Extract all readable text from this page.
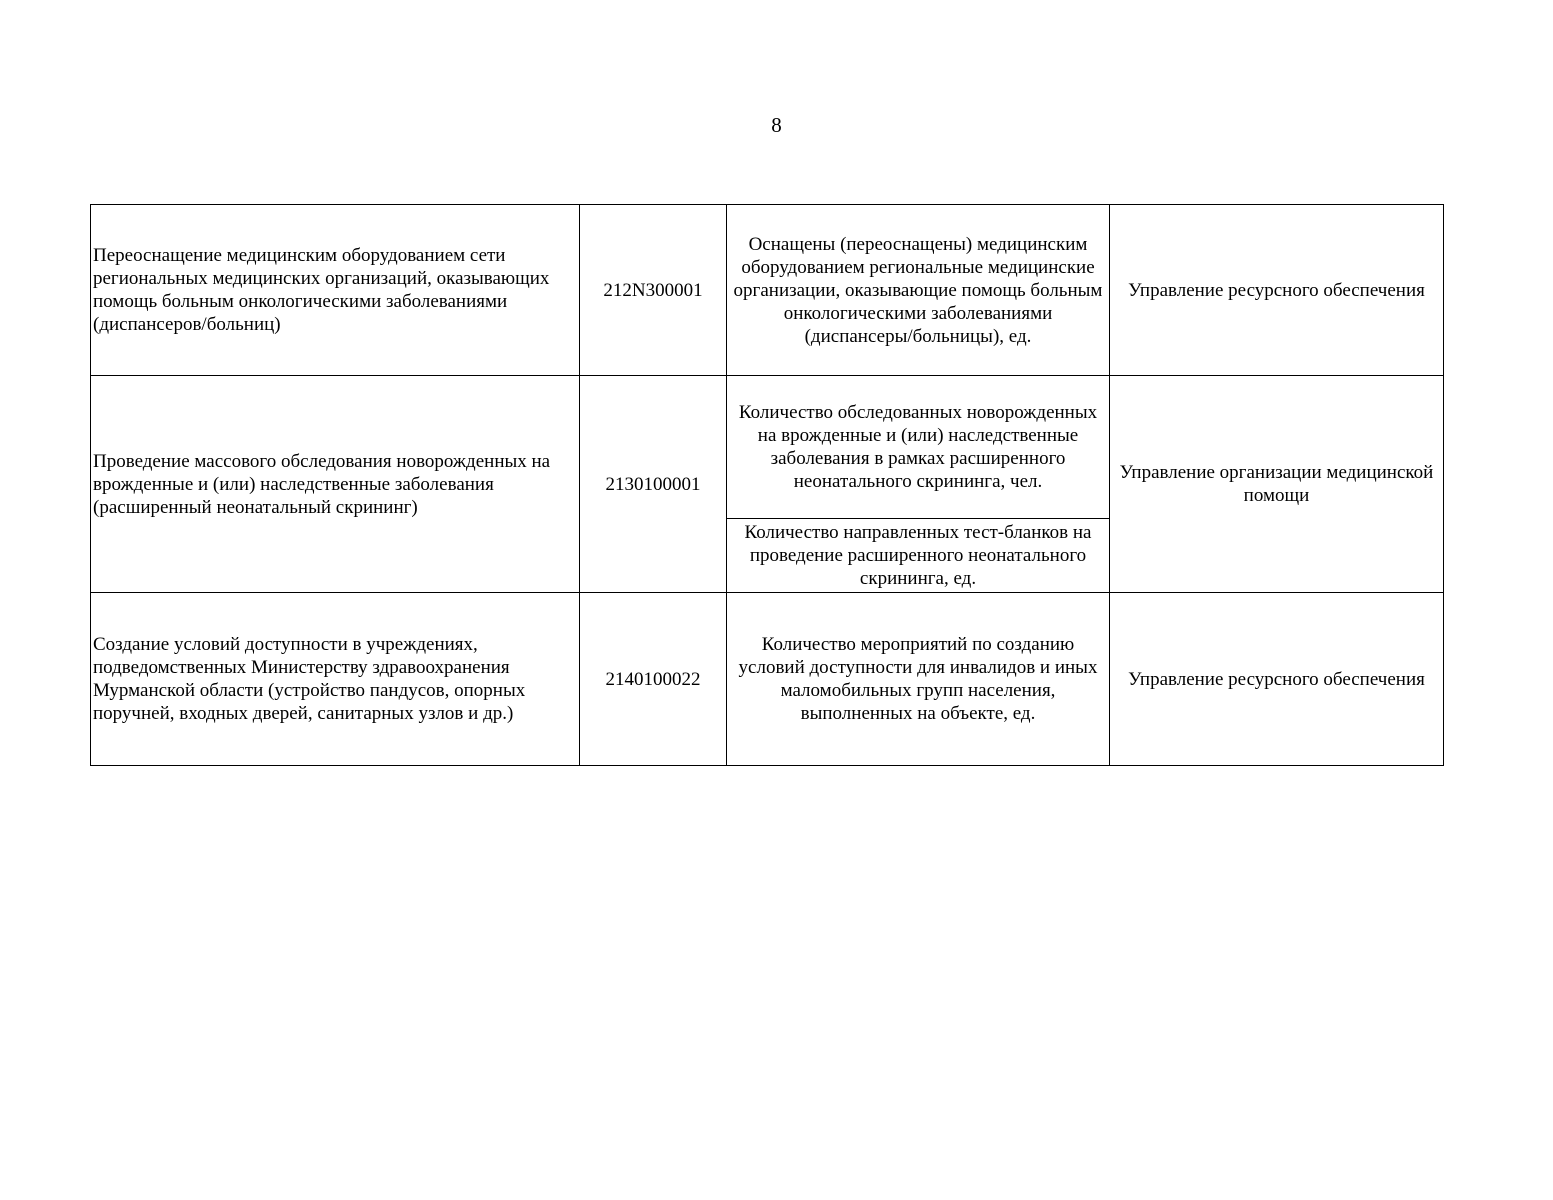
8
Переоснащение медицинским оборудованием сети региональных медицинских организаций, оказывающих помощь больным онкологическими заболеваниями (диспансеров/больниц)	212N300001	Оснащены (переоснащены) медицинским оборудованием региональные медицинские организации, оказывающие помощь больным онкологическими заболеваниями (диспансеры/больницы), ед.	Управление ресурсного обеспечения
Проведение массового обследования новорожденных на врожденные и (или) наследственные заболевания (расширенный неонатальный скрининг)	2130100001	Количество обследованных новорожденных на врожденные и (или) наследственные заболевания в рамках расширенного неонатального скрининга, чел.	Управление организации медицинской помощи
		Количество направленных тест-бланков на проведение расширенного неонатального скрининга, ед.	
Создание условий доступности в учреждениях, подведомственных Министерству здравоохранения Мурманской области (устройство пандусов, опорных поручней, входных дверей, санитарных узлов и др.)	2140100022	Количество мероприятий по созданию условий доступности для инвалидов и иных маломобильных групп населения, выполненных на объекте, ед.	Управление ресурсного обеспечения
